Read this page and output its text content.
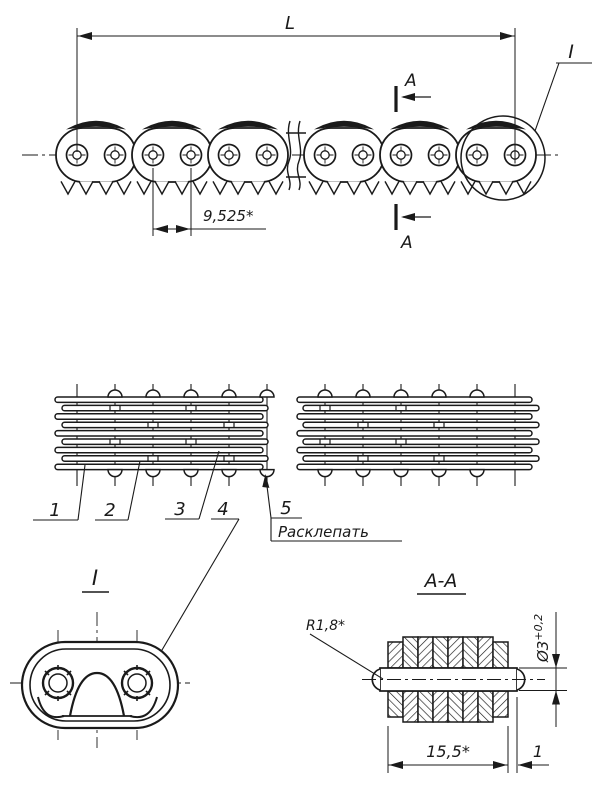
L
9,525*
A
A
I
1 2	3 4	5
Расклепать
I	A-A
R1,8*
$Ø3^{+0,2}$
15,5*	1
